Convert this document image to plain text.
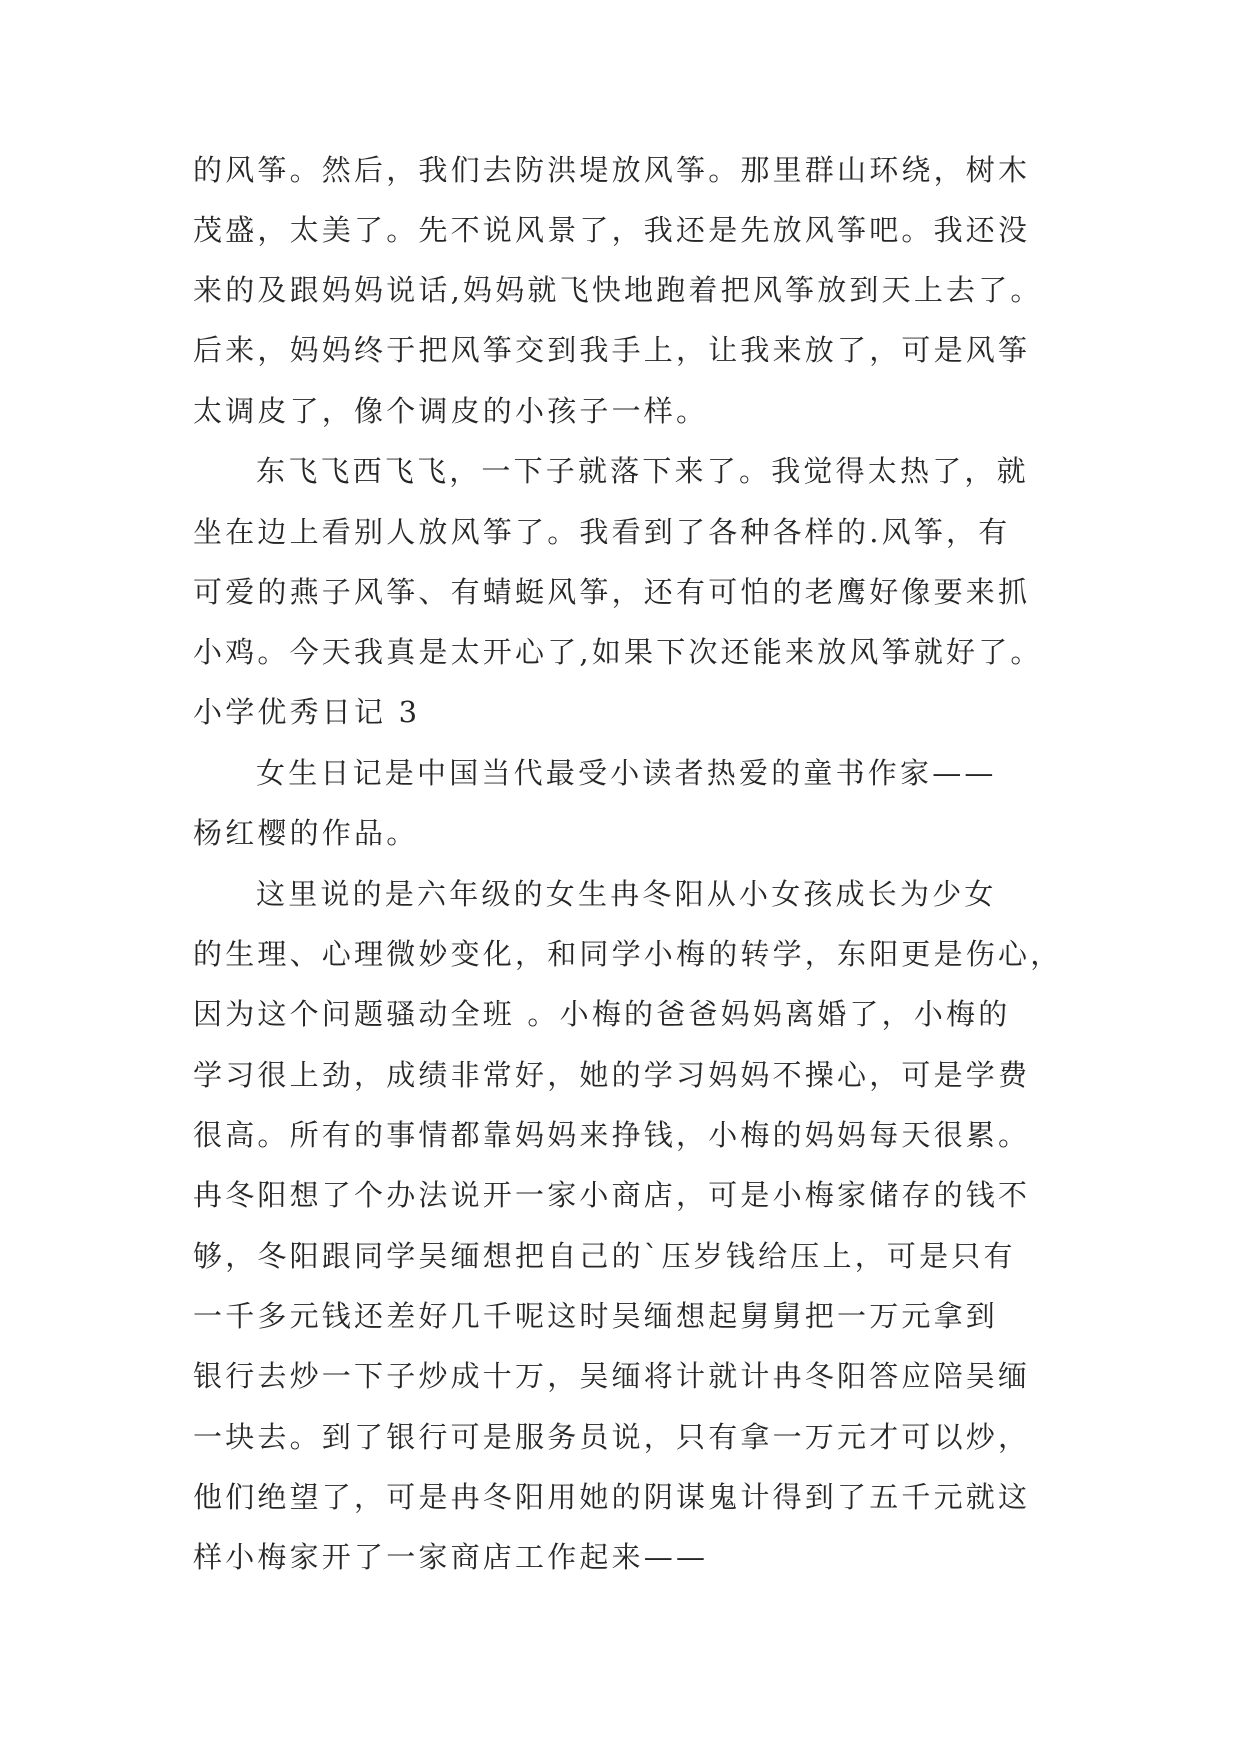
的风筝。然后，我们去防洪堤放风筝。那里群山环绕，树木
茂盛，太美了。先不说风景了，我还是先放风筝吧。我还没
来的及跟妈妈说话,妈妈就飞快地跑着把风筝放到天上去了。
后来，妈妈终于把风筝交到我手上，让我来放了，可是风筝
太调皮了，像个调皮的小孩子一样。
东飞飞西飞飞，一下子就落下来了。我觉得太热了，就
坐在边上看别人放风筝了。我看到了各种各样的.风筝，有
可爱的燕子风筝、有蜻蜓风筝，还有可怕的老鹰好像要来抓
小鸡。今天我真是太开心了,如果下次还能来放风筝就好了。
小学优秀日记 3
女生日记是中国当代最受小读者热爱的童书作家——
杨红樱的作品。
这里说的是六年级的女生冉冬阳从小女孩成长为少女
的生理、心理微妙变化，和同学小梅的转学，东阳更是伤心，
因为这个问题骚动全班 。小梅的爸爸妈妈离婚了，小梅的
学习很上劲，成绩非常好，她的学习妈妈不操心，可是学费
很高。所有的事情都靠妈妈来挣钱，小梅的妈妈每天很累。
冉冬阳想了个办法说开一家小商店，可是小梅家储存的钱不
够，冬阳跟同学吴缅想把自己的`压岁钱给压上，可是只有
一千多元钱还差好几千呢这时吴缅想起舅舅把一万元拿到
银行去炒一下子炒成十万，吴缅将计就计冉冬阳答应陪吴缅
一块去。到了银行可是服务员说，只有拿一万元才可以炒，
他们绝望了，可是冉冬阳用她的阴谋鬼计得到了五千元就这
样小梅家开了一家商店工作起来——
